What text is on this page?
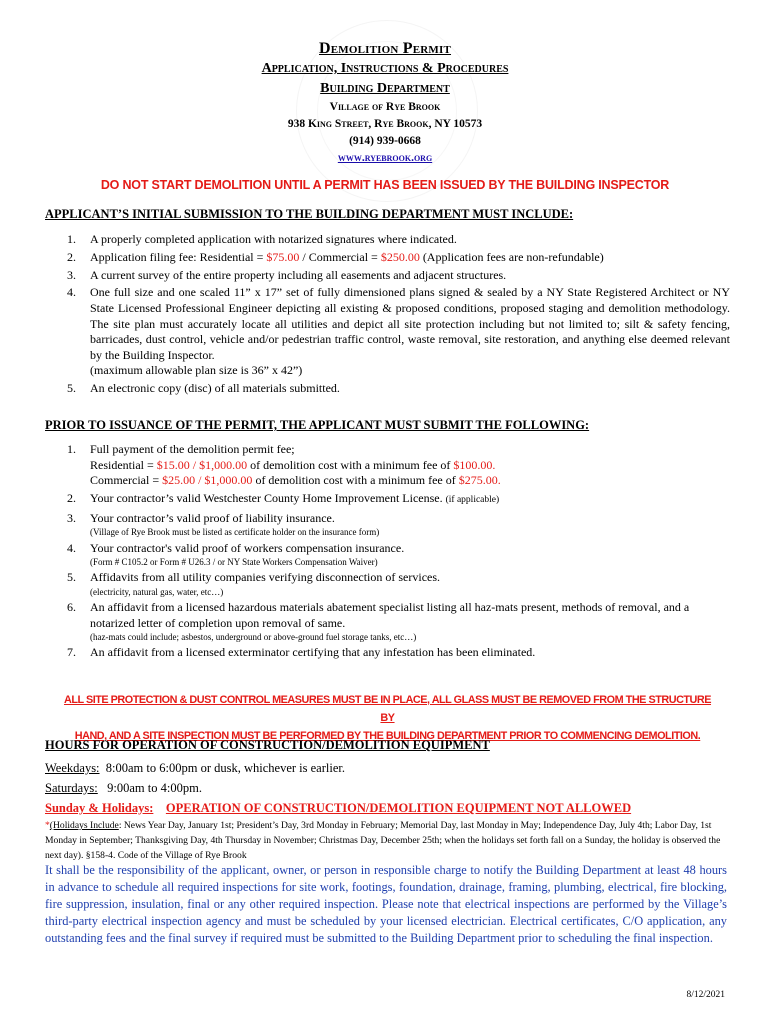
Demolition Permit
Application, Instructions & Procedures
Building Department
Village of Rye Brook
938 King Street, Rye Brook, NY 10573
(914) 939-0668
www.ryebrook.org
DO NOT START DEMOLITION UNTIL A PERMIT HAS BEEN ISSUED BY THE BUILDING INSPECTOR
APPLICANT’S INITIAL SUBMISSION TO THE BUILDING DEPARTMENT MUST INCLUDE:
1. A properly completed application with notarized signatures where indicated.
2. Application filing fee: Residential = $75.00 / Commercial = $250.00 (Application fees are non-refundable)
3. A current survey of the entire property including all easements and adjacent structures.
4. One full size and one scaled 11” x 17” set of fully dimensioned plans signed & sealed by a NY State Registered Architect or NY State Licensed Professional Engineer depicting all existing & proposed conditions, proposed staging and demolition methodology. The site plan must accurately locate all utilities and depict all site protection including but not limited to; silt & safety fencing, barricades, dust control, vehicle and/or pedestrian traffic control, waste removal, site restoration, and anything else deemed relevant by the Building Inspector.
(maximum allowable plan size is 36” x 42”)
5. An electronic copy (disc) of all materials submitted.
PRIOR TO ISSUANCE OF THE PERMIT, THE APPLICANT MUST SUBMIT THE FOLLOWING:
1. Full payment of the demolition permit fee;
Residential = $15.00 / $1,000.00 of demolition cost with a minimum fee of $100.00.
Commercial = $25.00 / $1,000.00 of demolition cost with a minimum fee of $275.00.
2. Your contractor’s valid Westchester County Home Improvement License. (if applicable)
3. Your contractor’s valid proof of liability insurance.
(Village of Rye Brook must be listed as certificate holder on the insurance form)
4. Your contractor's valid proof of workers compensation insurance.
(Form # C105.2 or Form # U26.3 / or NY State Workers Compensation Waiver)
5. Affidavits from all utility companies verifying disconnection of services.
(electricity, natural gas, water, etc…)
6. An affidavit from a licensed hazardous materials abatement specialist listing all haz-mats present, methods of removal, and a notarized letter of completion upon removal of same.
(haz-mats could include; asbestos, underground or above-ground fuel storage tanks, etc…)
7. An affidavit from a licensed exterminator certifying that any infestation has been eliminated.
ALL SITE PROTECTION & DUST CONTROL MEASURES MUST BE IN PLACE, ALL GLASS MUST BE REMOVED FROM THE STRUCTURE BY
HAND, AND A SITE INSPECTION MUST BE PERFORMED BY THE BUILDING DEPARTMENT PRIOR TO COMMENCING DEMOLITION.
HOURS FOR OPERATION OF CONSTRUCTION/DEMOLITION EQUIPMENT
Weekdays: 8:00am to 6:00pm or dusk, whichever is earlier.
Saturdays: 9:00am to 4:00pm.
Sunday & Holidays: OPERATION OF CONSTRUCTION/DEMOLITION EQUIPMENT NOT ALLOWED
*(Holidays Include: News Year Day, January 1st; President’s Day, 3rd Monday in February; Memorial Day, last Monday in May; Independence Day, July 4th; Labor Day, 1st Monday in September; Thanksgiving Day, 4th Thursday in November; Christmas Day, December 25th; when the holidays set forth fall on a Sunday, the holiday is observed the next day). §158-4. Code of the Village of Rye Brook
It shall be the responsibility of the applicant, owner, or person in responsible charge to notify the Building Department at least 48 hours in advance to schedule all required inspections for site work, footings, foundation, drainage, framing, plumbing, electrical, fire blocking, fire suppression, insulation, final or any other required inspection. Please note that electrical inspections are performed by the Village’s third-party electrical inspection agency and must be scheduled by your licensed electrician. Electrical certificates, C/O application, any outstanding fees and the final survey if required must be submitted to the Building Department prior to scheduling the final inspection.
8/12/2021
